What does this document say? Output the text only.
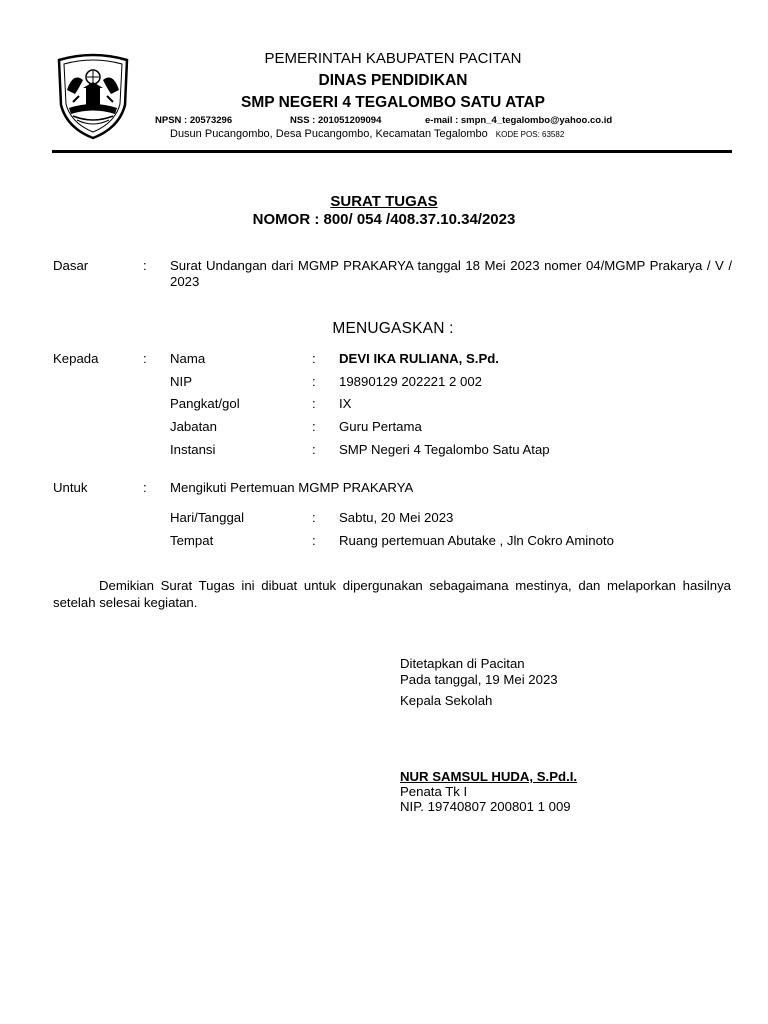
PEMERINTAH KABUPATEN PACITAN
DINAS PENDIDIKAN
SMP NEGERI 4 TEGALOMBO SATU ATAP
NPSN : 20573296	NSS : 201051209094	e-mail : smpn_4_tegalombo@yahoo.co.id
Dusun Pucangombo, Desa Pucangombo, Kecamatan Tegalombo KODE POS: 63582
SURAT TUGAS
NOMOR : 800/ 054 /408.37.10.34/2023
Dasar	: Surat Undangan dari MGMP PRAKARYA tanggal 18 Mei 2023 nomer 04/MGMP Prakarya / V / 2023
MENUGASKAN :
Kepada	: Nama	: DEVI IKA RULIANA, S.Pd.
NIP	: 19890129 202221 2 002
Pangkat/gol	: IX
Jabatan	: Guru Pertama
Instansi	: SMP Negeri 4 Tegalombo Satu Atap
Untuk	: Mengikuti Pertemuan MGMP PRAKARYA
Hari/Tanggal	: Sabtu, 20 Mei 2023
Tempat	: Ruang pertemuan Abutake , Jln Cokro Aminoto
Demikian Surat Tugas ini dibuat untuk dipergunakan sebagaimana mestinya, dan melaporkan hasilnya setelah selesai kegiatan.
Ditetapkan di Pacitan
Pada tanggal, 19 Mei 2023
Kepala Sekolah
NUR SAMSUL HUDA, S.Pd.I.
Penata Tk I
NIP. 19740807 200801 1 009
